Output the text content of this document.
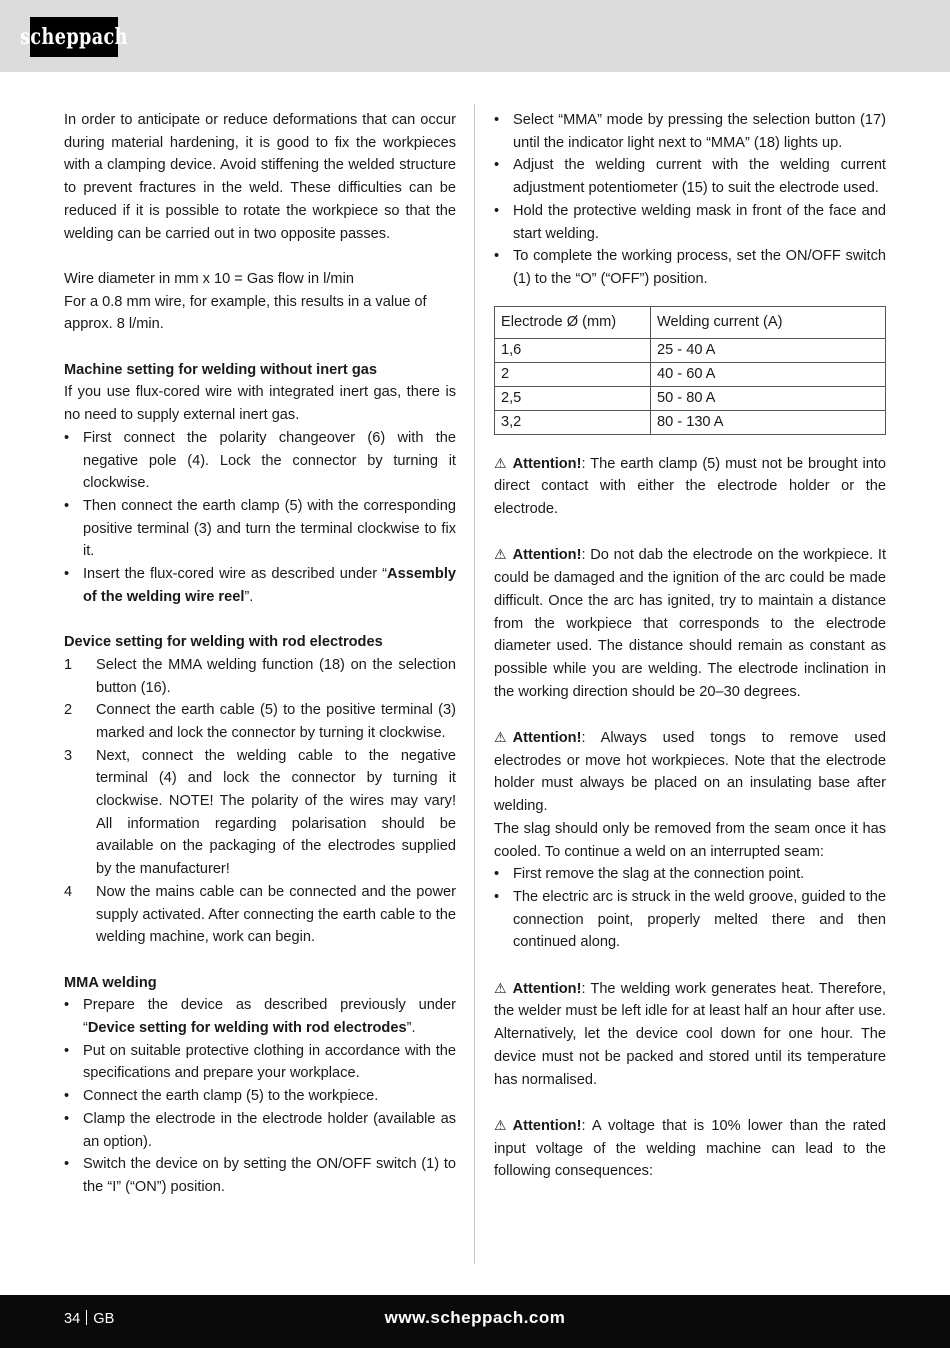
scheppach

In order to anticipate or reduce deformations that can occur during material hardening, it is good to fix the workpieces with a clamping device. Avoid stiffening the welded structure to prevent fractures in the weld. These difficulties can be reduced if it is possible to rotate the workpiece so that the welding can be carried out in two opposite passes.

Wire diameter in mm x 10 = Gas flow in l/min

For a 0.8 mm wire, for example, this results in a value of approx. 8 l/min.

Machine setting for welding without inert gas

If you use flux-cored wire with integrated inert gas, there is no need to supply external inert gas.

• First connect the polarity changeover (6) with the negative pole (4). Lock the connector by turning it clockwise.
• Then connect the earth clamp (5) with the corresponding positive terminal (3) and turn the terminal clockwise to fix it.
• Insert the flux-cored wire as described under “Assembly of the welding wire reel”.

Device setting for welding with rod electrodes

1 Select the MMA welding function (18) on the selection button (16).
2 Connect the earth cable (5) to the positive terminal (3) marked and lock the connector by turning it clockwise.
3 Next, connect the welding cable to the negative terminal (4) and lock the connector by turning it clockwise. NOTE! The polarity of the wires may vary! All information regarding polarisation should be available on the packaging of the electrodes supplied by the manufacturer!
4 Now the mains cable can be connected and the power supply activated. After connecting the earth cable to the welding machine, work can begin.

MMA welding

• Prepare the device as described previously under “Device setting for welding with rod electrodes”.
• Put on suitable protective clothing in accordance with the specifications and prepare your workplace.
• Connect the earth clamp (5) to the workpiece.
• Clamp the electrode in the electrode holder (available as an option).
• Switch the device on by setting the ON/OFF switch (1) to the “I” (“ON”) position.
• Select “MMA” mode by pressing the selection button (17) until the indicator light next to “MMA” (18) lights up.
• Adjust the welding current with the welding current adjustment potentiometer (15) to suit the electrode used.
• Hold the protective welding mask in front of the face and start welding.
• To complete the working process, set the ON/OFF switch (1) to the “O” (“OFF”) position.
Electrode Ø (mm)	Welding current (A)
1,6	25 - 40 A
2	40 - 60 A
2,5	50 - 80 A
3,2	80 - 130 A

⚠ Attention!: The earth clamp (5) must not be brought into direct contact with either the electrode holder or the electrode.

⚠ Attention!: Do not dab the electrode on the workpiece. It could be damaged and the ignition of the arc could be made difficult. Once the arc has ignited, try to maintain a distance from the workpiece that corresponds to the electrode diameter used. The distance should remain as constant as possible while you are welding. The electrode inclination in the working direction should be 20–30 degrees.

⚠ Attention!: Always used tongs to remove used electrodes or move hot workpieces. Note that the electrode holder must always be placed on an insulating base after welding.

The slag should only be removed from the seam once it has cooled. To continue a weld on an interrupted seam:

• First remove the slag at the connection point.
• The electric arc is struck in the weld groove, guided to the connection point, properly melted there and then continued along.

⚠ Attention!: The welding work generates heat. Therefore, the welder must be left idle for at least half an hour after use. Alternatively, let the device cool down for one hour. The device must not be packed and stored until its temperature has normalised.

⚠ Attention!: A voltage that is 10% lower than the rated input voltage of the welding machine can lead to the following consequences:

34 GB	www.scheppach.com
